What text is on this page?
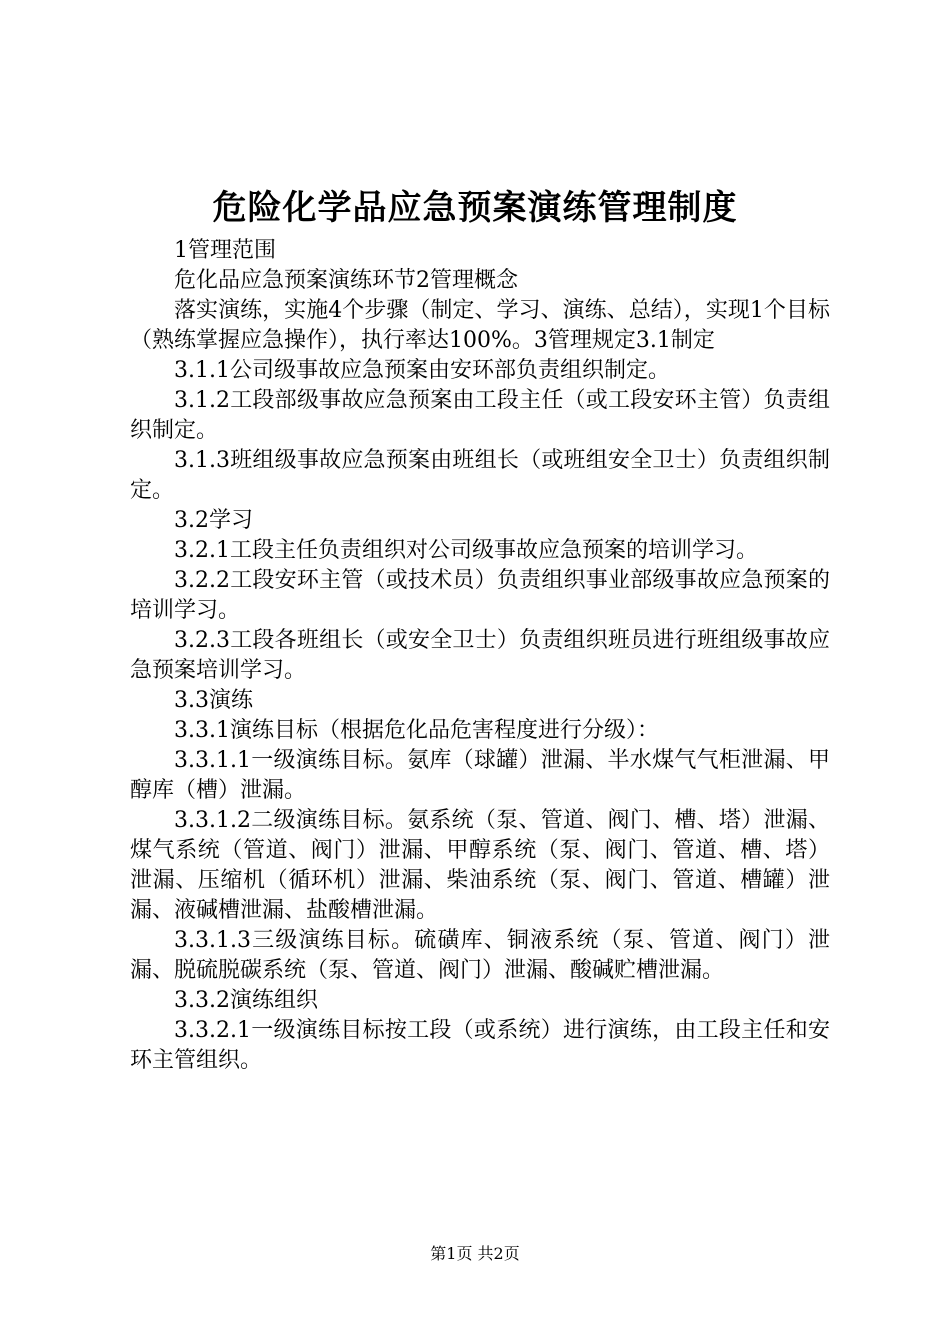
危险化学品应急预案演练管理制度

1管理范围

危化品应急预案演练环节2管理概念

落实演练，实施4个步骤（制定、学习、演练、总结），实现1个目标（熟练掌握应急操作），执行率达100%。3管理规定3.1制定

3.1.1公司级事故应急预案由安环部负责组织制定。

3.1.2工段部级事故应急预案由工段主任（或工段安环主管）负责组织制定。

3.1.3班组级事故应急预案由班组长（或班组安全卫士）负责组织制定。

3.2学习

3.2.1工段主任负责组织对公司级事故应急预案的培训学习。

3.2.2工段安环主管（或技术员）负责组织事业部级事故应急预案的培训学习。

3.2.3工段各班组长（或安全卫士）负责组织班员进行班组级事故应急预案培训学习。

3.3演练

3.3.1演练目标（根据危化品危害程度进行分级）：

3.3.1.1一级演练目标。氨库（球罐）泄漏、半水煤气气柜泄漏、甲醇库（槽）泄漏。

3.3.1.2二级演练目标。氨系统（泵、管道、阀门、槽、塔）泄漏、煤气系统（管道、阀门）泄漏、甲醇系统（泵、阀门、管道、槽、塔）泄漏、压缩机（循环机）泄漏、柴油系统（泵、阀门、管道、槽罐）泄漏、液碱槽泄漏、盐酸槽泄漏。

3.3.1.3三级演练目标。硫磺库、铜液系统（泵、管道、阀门）泄漏、脱硫脱碳系统（泵、管道、阀门）泄漏、酸碱贮槽泄漏。

3.3.2演练组织

3.3.2.1一级演练目标按工段（或系统）进行演练，由工段主任和安环主管组织。

第1页 共2页
